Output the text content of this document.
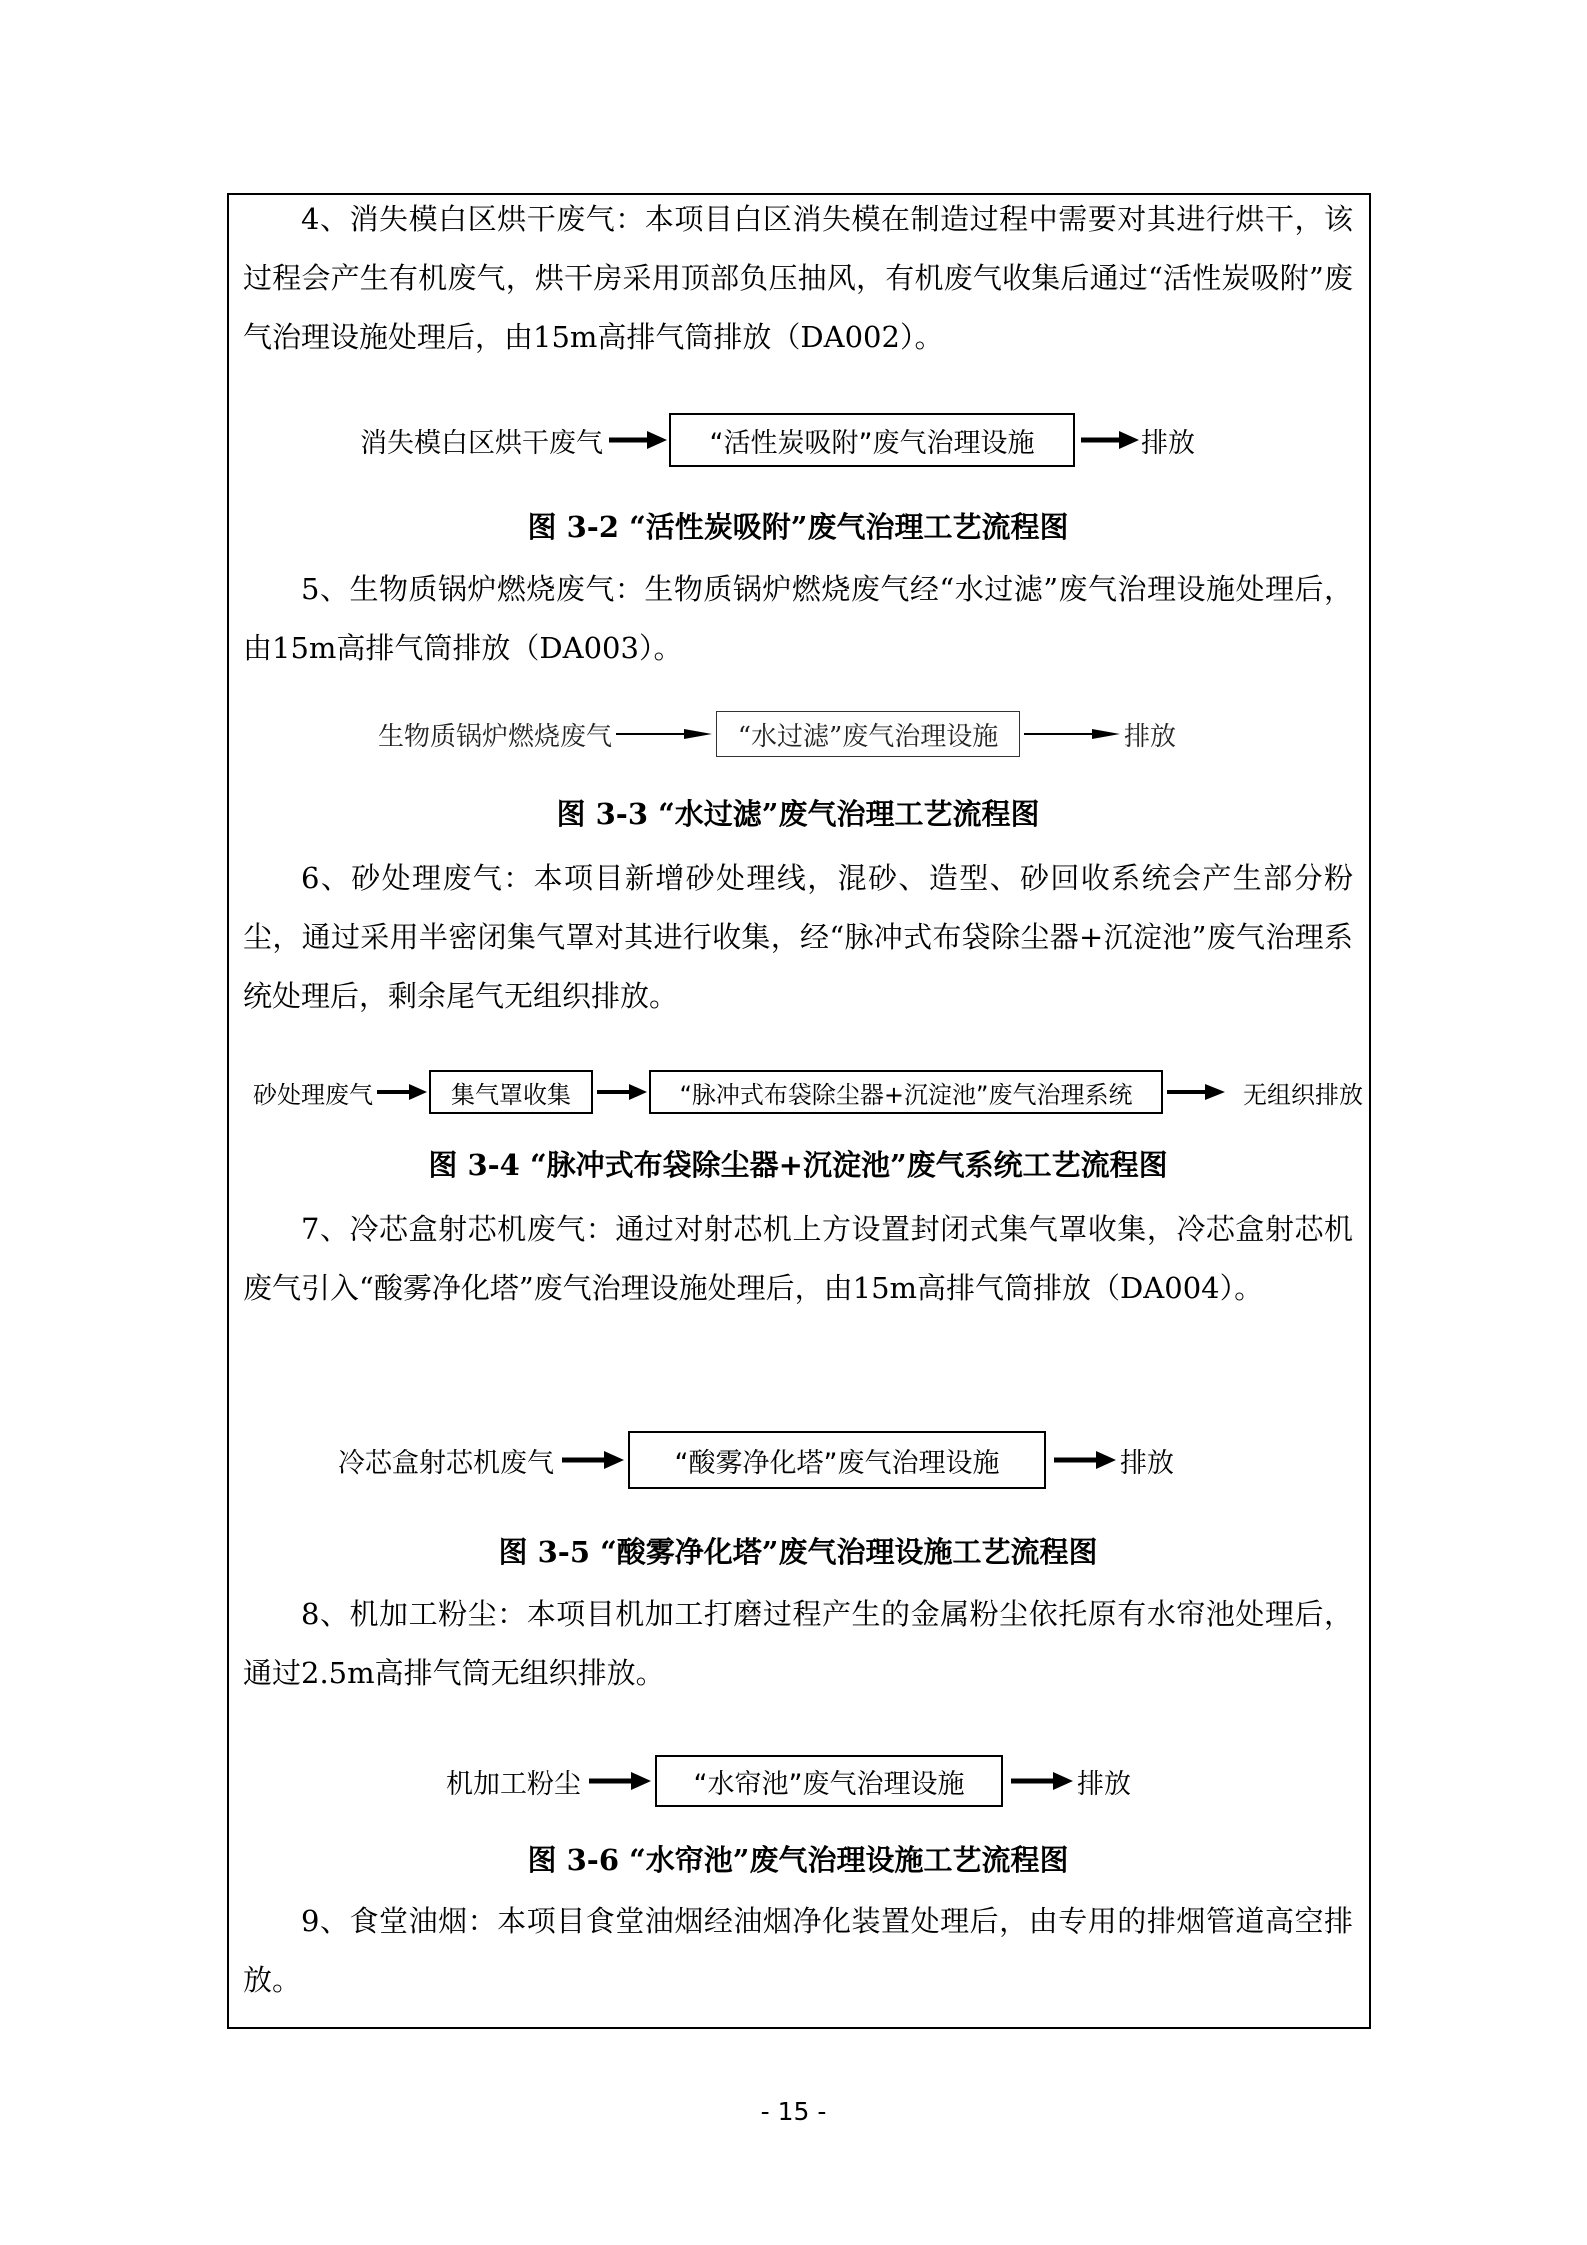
4、消失模白区烘干废气：本项目白区消失模在制造过程中需要对其进行烘干，该过程会产生有机废气，烘干房采用顶部负压抽风，有机废气收集后通过“活性炭吸附”废气治理设施处理后，由15m高排气筒排放（DA002）。

消失模白区烘干废气	“活性炭吸附”废气治理设施	排放

图 3-2 “活性炭吸附”废气治理工艺流程图

5、生物质锅炉燃烧废气：生物质锅炉燃烧废气经“水过滤”废气治理设施处理后，由15m高排气筒排放（DA003）。

生物质锅炉燃烧废气	“水过滤”废气治理设施	排放

图 3-3 “水过滤”废气治理工艺流程图

6、砂处理废气：本项目新增砂处理线，混砂、造型、砂回收系统会产生部分粉尘，通过采用半密闭集气罩对其进行收集，经“脉冲式布袋除尘器+沉淀池”废气治理系统处理后，剩余尾气无组织排放。

砂处理废气	集气罩收集	“脉冲式布袋除尘器+沉淀池”废气治理系统	无组织排放

图 3-4 “脉冲式布袋除尘器+沉淀池”废气系统工艺流程图

7、冷芯盒射芯机废气：通过对射芯机上方设置封闭式集气罩收集，冷芯盒射芯机废气引入“酸雾净化塔”废气治理设施处理后，由15m高排气筒排放（DA004）。

冷芯盒射芯机废气	“酸雾净化塔”废气治理设施	排放

图 3-5 “酸雾净化塔”废气治理设施工艺流程图

8、机加工粉尘：本项目机加工打磨过程产生的金属粉尘依托原有水帘池处理后，通过2.5m高排气筒无组织排放。

机加工粉尘	“水帘池”废气治理设施	排放

图 3-6 “水帘池”废气治理设施工艺流程图

9、食堂油烟：本项目食堂油烟经油烟净化装置处理后，由专用的排烟管道高空排放。

- 15 -
